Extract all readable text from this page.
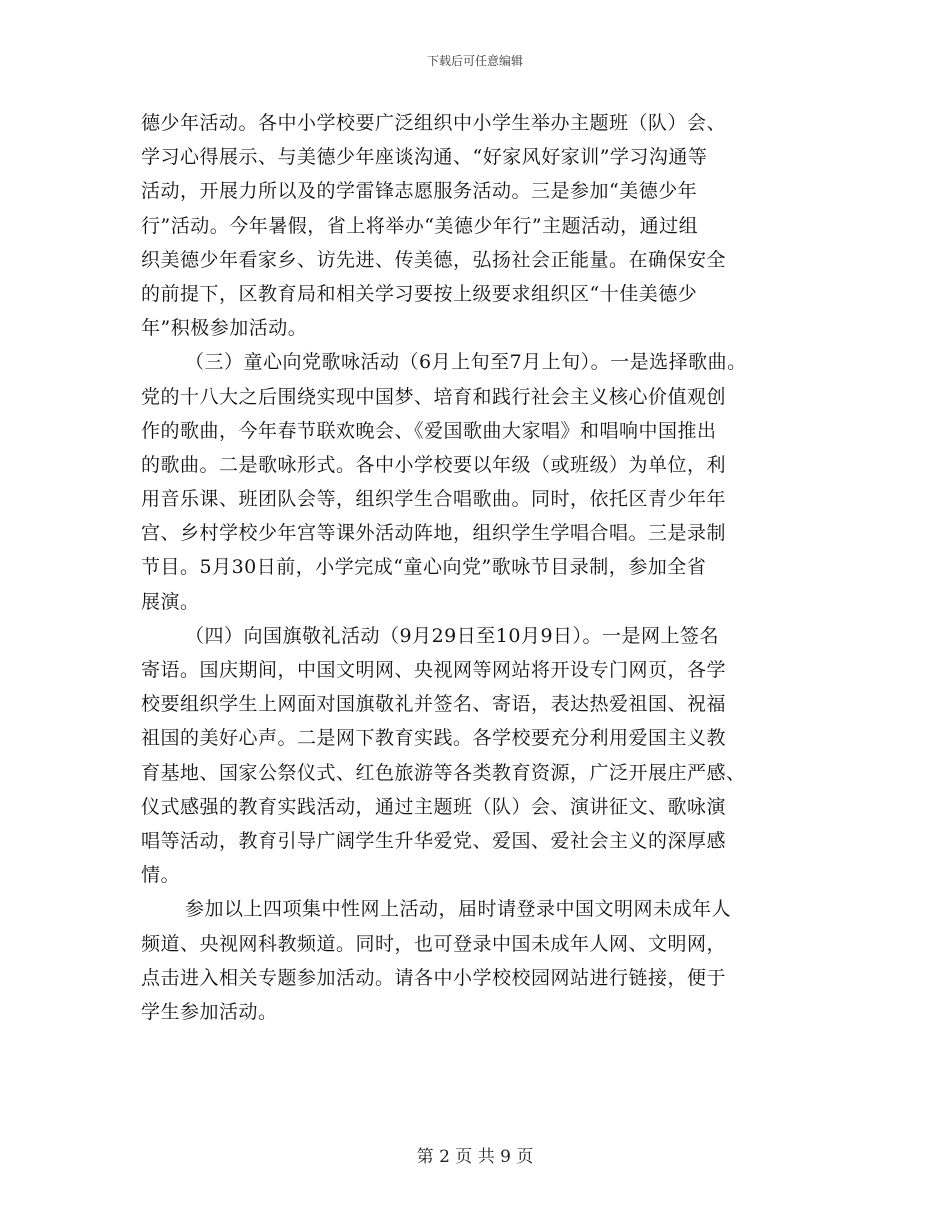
下载后可任意编辑
德少年活动。各中小学校要广泛组织中小学生举办主题班（队）会、
学习心得展示、与美德少年座谈沟通、“好家风好家训”学习沟通等
活动，开展力所以及的学雷锋志愿服务活动。三是参加“美德少年
行”活动。今年暑假，省上将举办“美德少年行”主题活动，通过组
织美德少年看家乡、访先进、传美德，弘扬社会正能量。在确保安全
的前提下，区教育局和相关学习要按上级要求组织区“十佳美德少
年”积极参加活动。
（三）童心向党歌咏活动（6月上旬至7月上旬）。一是选择歌曲。
党的十八大之后围绕实现中国梦、培育和践行社会主义核心价值观创
作的歌曲，今年春节联欢晚会、《爱国歌曲大家唱》和唱响中国推出
的歌曲。二是歌咏形式。各中小学校要以年级（或班级）为单位，利
用音乐课、班团队会等，组织学生合唱歌曲。同时，依托区青少年年
宫、乡村学校少年宫等课外活动阵地，组织学生学唱合唱。三是录制
节目。5月30日前，小学完成“童心向党”歌咏节目录制，参加全省
展演。
（四）向国旗敬礼活动（9月29日至10月9日）。一是网上签名
寄语。国庆期间，中国文明网、央视网等网站将开设专门网页，各学
校要组织学生上网面对国旗敬礼并签名、寄语，表达热爱祖国、祝福
祖国的美好心声。二是网下教育实践。各学校要充分利用爱国主义教
育基地、国家公祭仪式、红色旅游等各类教育资源，广泛开展庄严感、
仪式感强的教育实践活动，通过主题班（队）会、演讲征文、歌咏演
唱等活动，教育引导广阔学生升华爱党、爱国、爱社会主义的深厚感
情。
参加以上四项集中性网上活动，届时请登录中国文明网未成年人
频道、央视网科教频道。同时，也可登录中国未成年人网、文明网，
点击进入相关专题参加活动。请各中小学校校园网站进行链接，便于
学生参加活动。
第 2 页 共 9 页
